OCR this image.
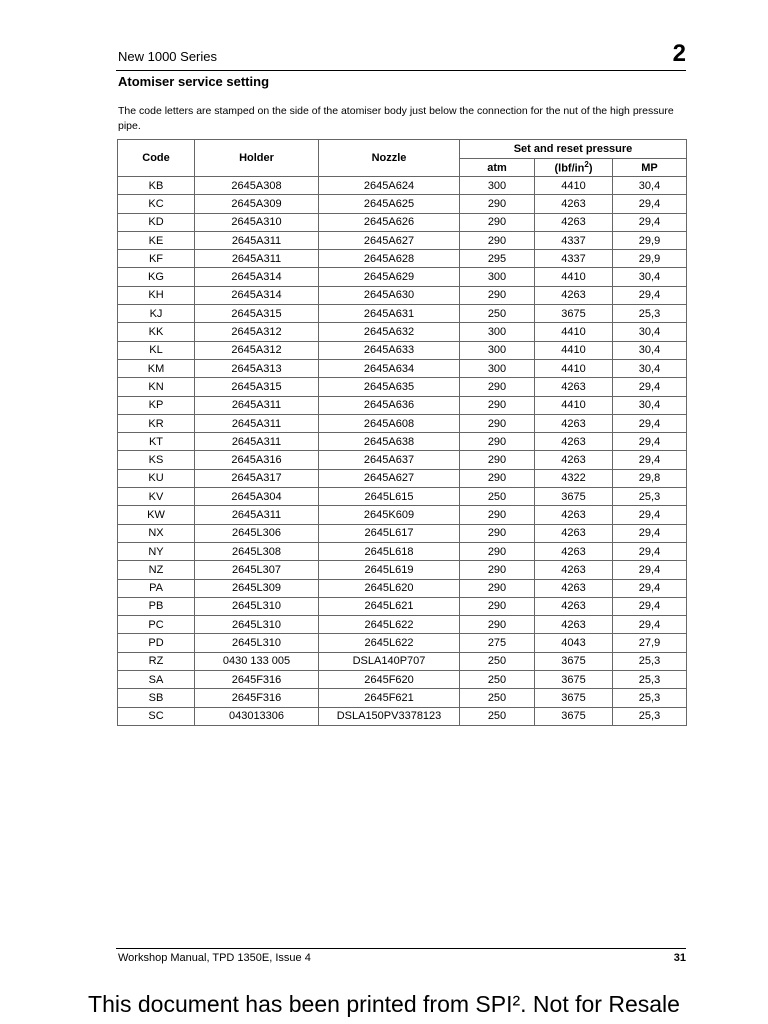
New 1000 Series	2
Atomiser service setting
The code letters are stamped on the side of the atomiser body just below the connection for the nut of the high pressure pipe.
Code	Holder	Nozzle	Set and reset pressure		
			atm	$(lbf/in^2)$	MP
KB	2645A308	2645A624	300	4410	30,4
KC	2645A309	2645A625	290	4263	29,4
KD	2645A310	2645A626	290	4263	29,4
KE	2645A311	2645A627	290	4337	29,9
KF	2645A311	2645A628	295	4337	29,9
KG	2645A314	2645A629	300	4410	30,4
KH	2645A314	2645A630	290	4263	29,4
KJ	2645A315	2645A631	250	3675	25,3
KK	2645A312	2645A632	300	4410	30,4
KL	2645A312	2645A633	300	4410	30,4
KM	2645A313	2645A634	300	4410	30,4
KN	2645A315	2645A635	290	4263	29,4
KP	2645A311	2645A636	290	4410	30,4
KR	2645A311	2645A608	290	4263	29,4
KT	2645A311	2645A638	290	4263	29,4
KS	2645A316	2645A637	290	4263	29,4
KU	2645A317	2645A627	290	4322	29,8
KV	2645A304	2645L615	250	3675	25,3
KW	2645A311	2645K609	290	4263	29,4
NX	2645L306	2645L617	290	4263	29,4
NY	2645L308	2645L618	290	4263	29,4
NZ	2645L307	2645L619	290	4263	29,4
PA	2645L309	2645L620	290	4263	29,4
PB	2645L310	2645L621	290	4263	29,4
PC	2645L310	2645L622	290	4263	29,4
PD	2645L310	2645L622	275	4043	27,9
RZ	0430 133 005	DSLA140P707	250	3675	25,3
SA	2645F316	2645F620	250	3675	25,3
SB	2645F316	2645F621	250	3675	25,3
SC	043013306	DSLA150PV3378123	250	3675	25,3
Workshop Manual, TPD 1350E, Issue 4	31
This document has been printed from SPI². Not for Resale
